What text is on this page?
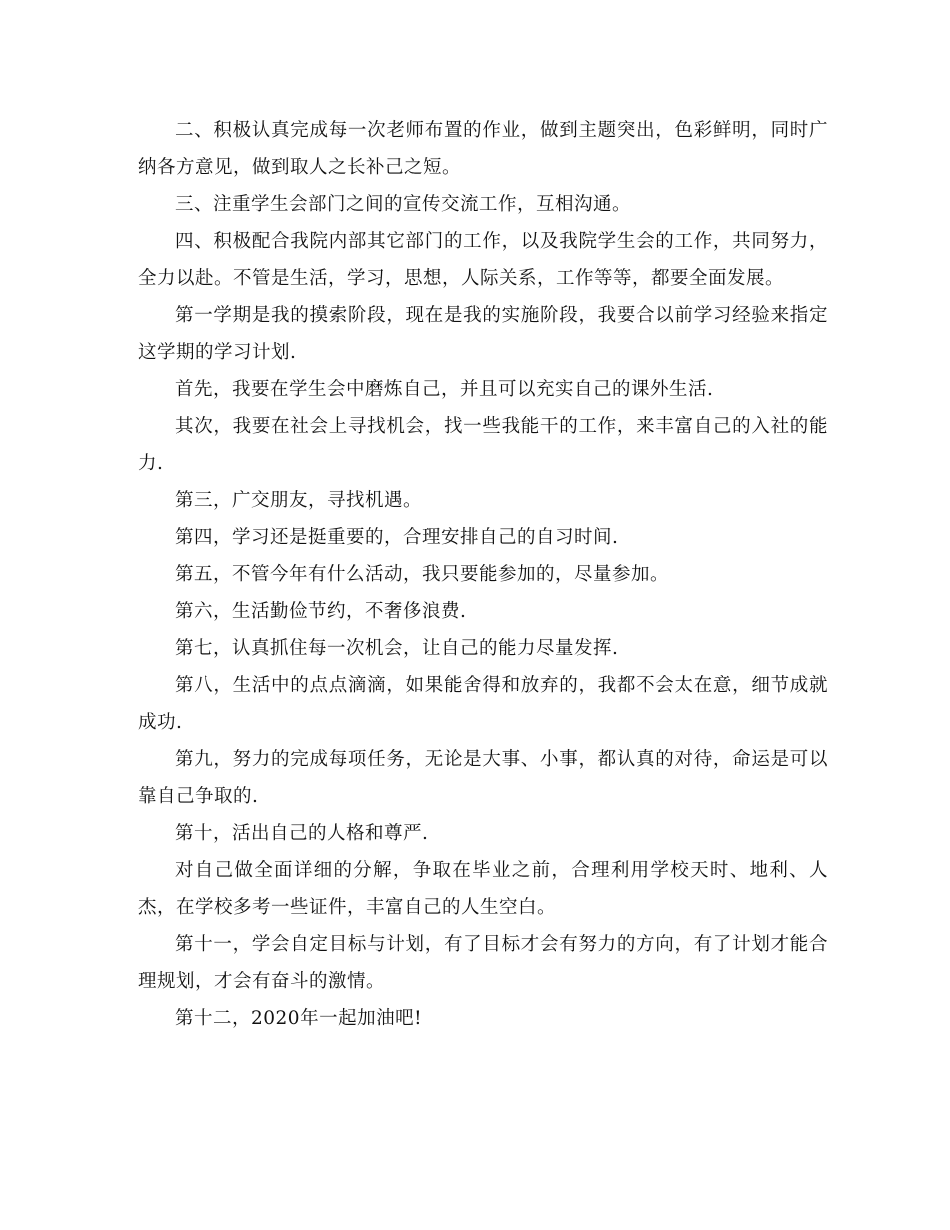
二、积极认真完成每一次老师布置的作业，做到主题突出，色彩鲜明，同时广纳各方意见，做到取人之长补己之短。

三、注重学生会部门之间的宣传交流工作，互相沟通。

四、积极配合我院内部其它部门的工作，以及我院学生会的工作，共同努力，全力以赴。不管是生活，学习，思想，人际关系，工作等等，都要全面发展。

第一学期是我的摸索阶段，现在是我的实施阶段，我要合以前学习经验来指定这学期的学习计划.

首先，我要在学生会中磨炼自己，并且可以充实自己的课外生活.

其次，我要在社会上寻找机会，找一些我能干的工作，来丰富自己的入社的能力.

第三，广交朋友，寻找机遇。

第四，学习还是挺重要的，合理安排自己的自习时间.

第五，不管今年有什么活动，我只要能参加的，尽量参加。

第六，生活勤俭节约，不奢侈浪费.

第七，认真抓住每一次机会，让自己的能力尽量发挥.

第八，生活中的点点滴滴，如果能舍得和放弃的，我都不会太在意，细节成就成功.

第九，努力的完成每项任务，无论是大事、小事，都认真的对待，命运是可以靠自己争取的.

第十，活出自己的人格和尊严.

对自己做全面详细的分解，争取在毕业之前，合理利用学校天时、地利、人杰，在学校多考一些证件，丰富自己的人生空白。

第十一，学会自定目标与计划，有了目标才会有努力的方向，有了计划才能合理规划，才会有奋斗的激情。

第十二，2020年一起加油吧!
